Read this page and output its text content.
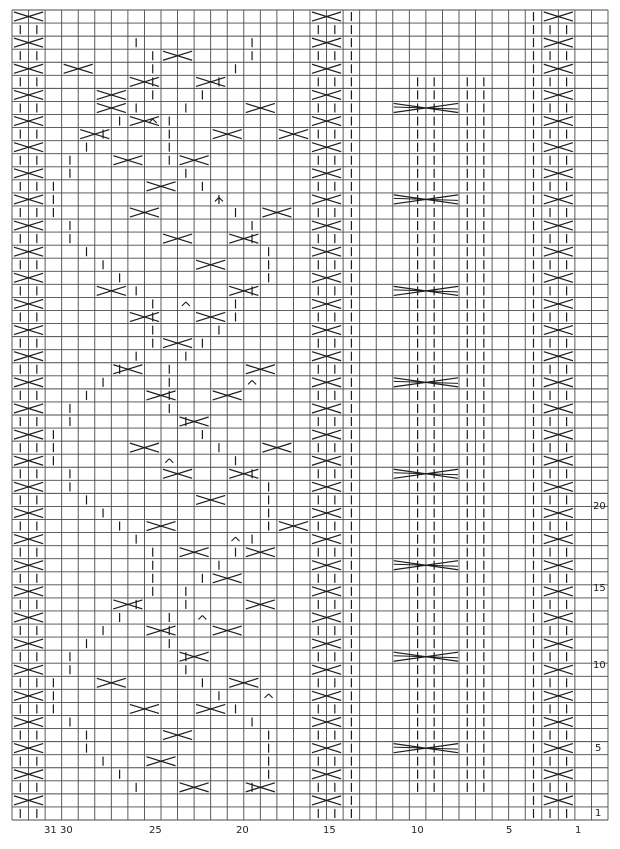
1
5
10
15
20
31 30	25	20	15	10	5	1
